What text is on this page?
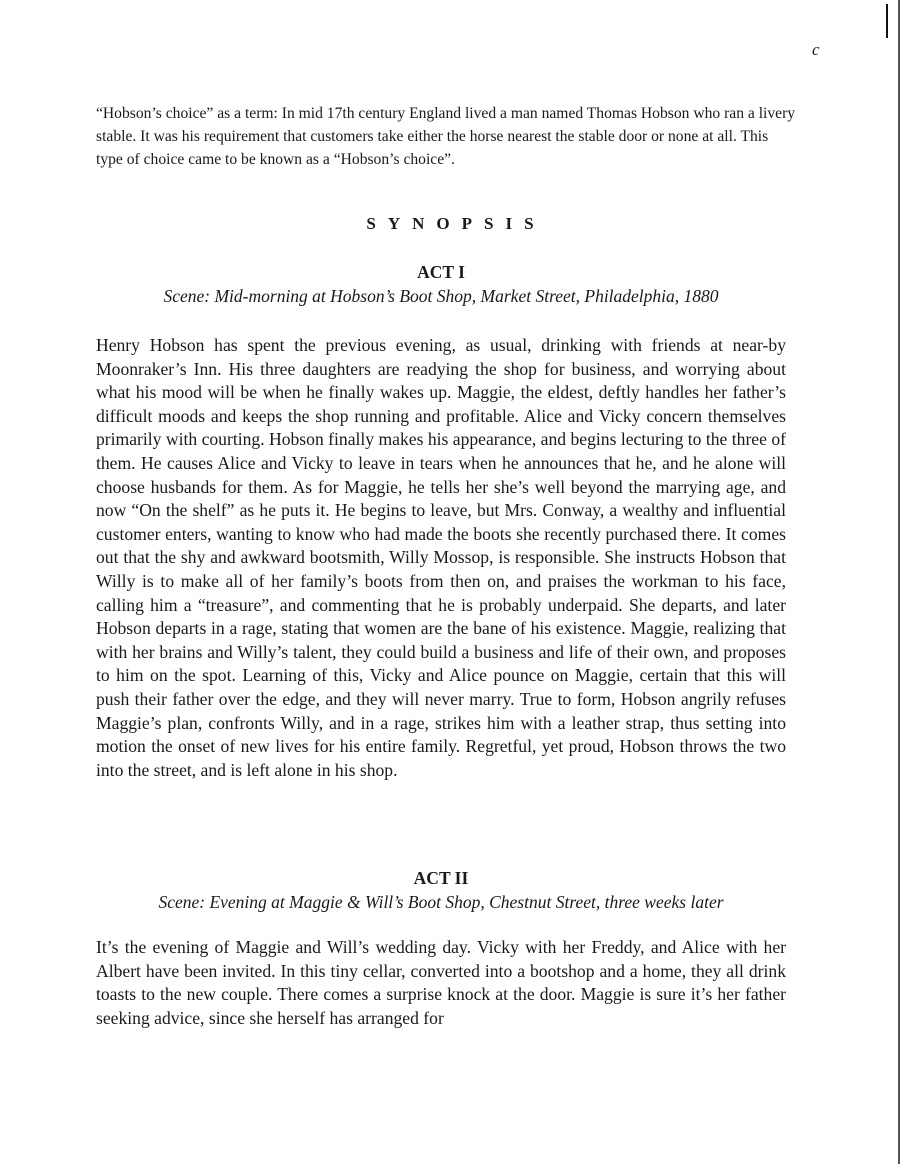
c

“Hobson’s choice” as a term: In mid 17th century England lived a man named Thomas Hobson who ran a livery stable. It was his requirement that customers take either the horse nearest the stable door or none at all. This type of choice came to be known as a “Hobson’s choice”.

SYNOPSIS
ACT I
Scene: Mid-morning at Hobson’s Boot Shop, Market Street, Philadelphia, 1880

Henry Hobson has spent the previous evening, as usual, drinking with friends at near-by Moonraker’s Inn. His three daughters are readying the shop for business, and worrying about what his mood will be when he finally wakes up. Maggie, the eldest, deftly handles her father’s difficult moods and keeps the shop running and profitable. Alice and Vicky concern themselves primarily with courting. Hobson finally makes his appearance, and begins lecturing to the three of them. He causes Alice and Vicky to leave in tears when he announces that he, and he alone will choose husbands for them. As for Maggie, he tells her she’s well beyond the marrying age, and now “On the shelf” as he puts it. He begins to leave, but Mrs. Conway, a wealthy and influential customer enters, wanting to know who had made the boots she recently purchased there. It comes out that the shy and awkward bootsmith, Willy Mossop, is responsible. She instructs Hobson that Willy is to make all of her family’s boots from then on, and praises the workman to his face, calling him a “treasure”, and commenting that he is probably underpaid. She departs, and later Hobson departs in a rage, stating that women are the bane of his existence. Maggie, realizing that with her brains and Willy’s talent, they could build a business and life of their own, and proposes to him on the spot. Learning of this, Vicky and Alice pounce on Maggie, certain that this will push their father over the edge, and they will never marry. True to form, Hobson angrily refuses Maggie’s plan, confronts Willy, and in a rage, strikes him with a leather strap, thus setting into motion the onset of new lives for his entire family. Regretful, yet proud, Hobson throws the two into the street, and is left alone in his shop.

ACT II
Scene: Evening at Maggie & Will’s Boot Shop, Chestnut Street, three weeks later

It’s the evening of Maggie and Will’s wedding day. Vicky with her Freddy, and Alice with her Albert have been invited. In this tiny cellar, converted into a bootshop and a home, they all drink toasts to the new couple. There comes a surprise knock at the door. Maggie is sure it’s her father seeking advice, since she herself has arranged for
